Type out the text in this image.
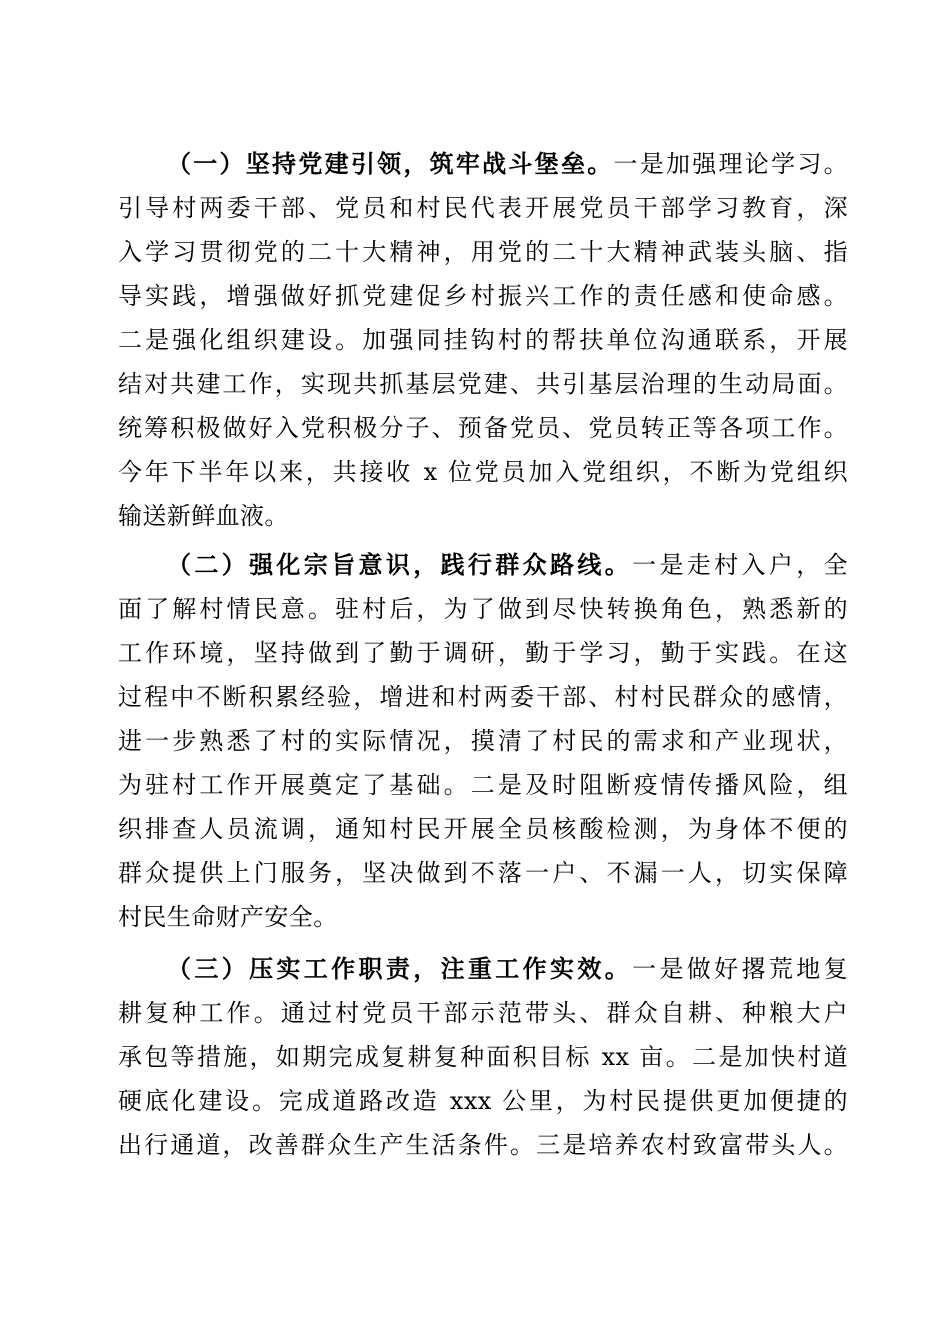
（一）坚持党建引领，筑牢战斗堡垒。一是加强理论学习。
引导村两委干部、党员和村民代表开展党员干部学习教育，深
入学习贯彻党的二十大精神，用党的二十大精神武装头脑、指
导实践，增强做好抓党建促乡村振兴工作的责任感和使命感。
二是强化组织建设。加强同挂钩村的帮扶单位沟通联系，开展
结对共建工作，实现共抓基层党建、共引基层治理的生动局面。
统筹积极做好入党积极分子、预备党员、党员转正等各项工作。
今年下半年以来，共接收 x 位党员加入党组织，不断为党组织
输送新鲜血液。
（二）强化宗旨意识，践行群众路线。一是走村入户，全
面了解村情民意。驻村后，为了做到尽快转换角色，熟悉新的
工作环境，坚持做到了勤于调研，勤于学习，勤于实践。在这
过程中不断积累经验，增进和村两委干部、村村民群众的感情，
进一步熟悉了村的实际情况，摸清了村民的需求和产业现状，
为驻村工作开展奠定了基础。二是及时阻断疫情传播风险，组
织排查人员流调，通知村民开展全员核酸检测，为身体不便的
群众提供上门服务，坚决做到不落一户、不漏一人，切实保障
村民生命财产安全。
（三）压实工作职责，注重工作实效。一是做好撂荒地复
耕复种工作。通过村党员干部示范带头、群众自耕、种粮大户
承包等措施，如期完成复耕复种面积目标 xx 亩。二是加快村道
硬底化建设。完成道路改造 xxx 公里，为村民提供更加便捷的
出行通道，改善群众生产生活条件。三是培养农村致富带头人。
